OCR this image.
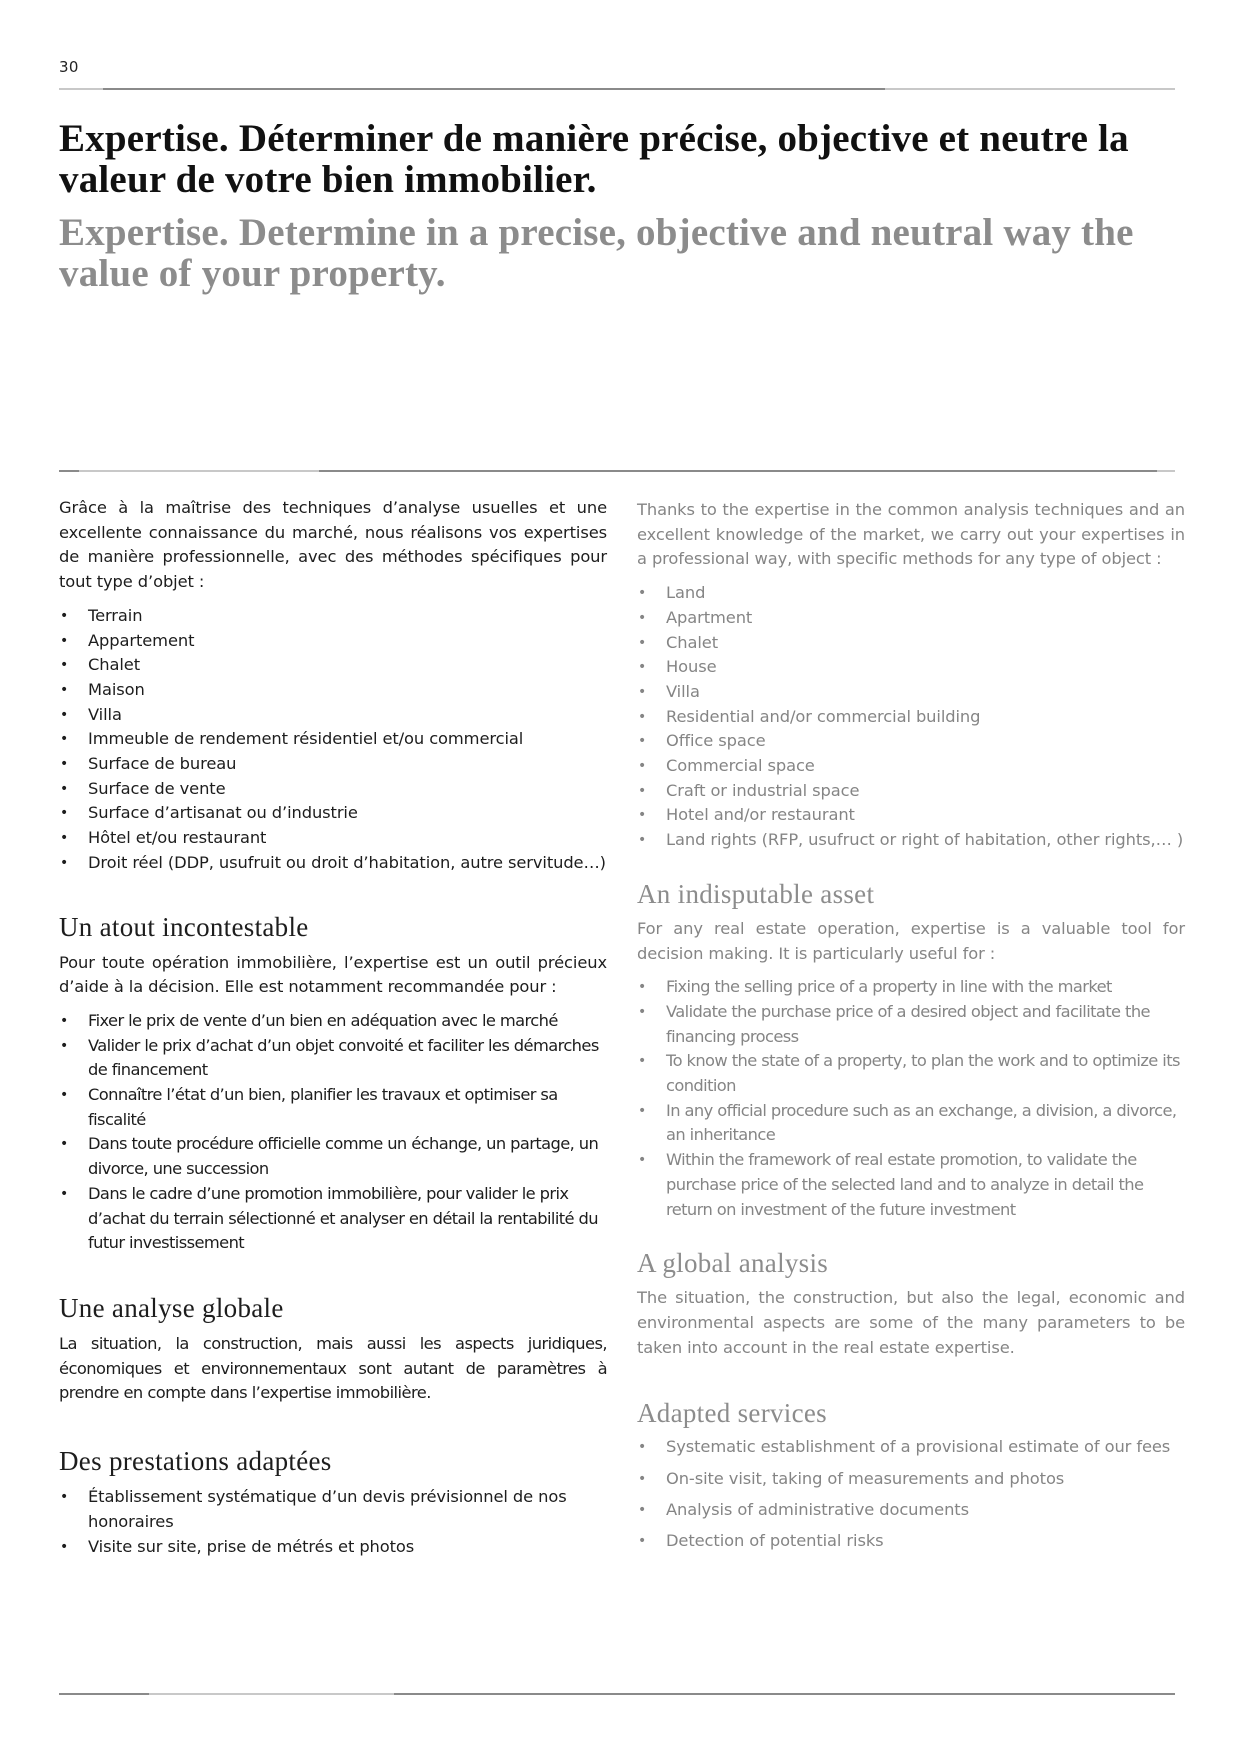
30
Expertise. Déterminer de manière précise, objective et neutre la valeur de votre bien immobilier.
Expertise. Determine in a precise, objective and neutral way the value of your property.

Grâce à la maîtrise des techniques d’analyse usuelles et une excellente connaissance du marché, nous réalisons vos expertises de manière professionnelle, avec des méthodes spécifiques pour tout type d’objet :

• Terrain
• Appartement
• Chalet
• Maison
• Villa
• Immeuble de rendement résidentiel et/ou commercial
• Surface de bureau
• Surface de vente
• Surface d’artisanat ou d’industrie
• Hôtel et/ou restaurant
• Droit réel (DDP, usufruit ou droit d’habitation, autre servitude…)
Un atout incontestable

Pour toute opération immobilière, l’expertise est un outil précieux d’aide à la décision. Elle est notamment recommandée pour :

• Fixer le prix de vente d’un bien en adéquation avec le marché
• Valider le prix d’achat d’un objet convoité et faciliter les démarches de financement
• Connaître l’état d’un bien, planifier les travaux et optimiser sa fiscalité
• Dans toute procédure officielle comme un échange, un partage, un divorce, une succession
• Dans le cadre d’une promotion immobilière, pour valider le prix d’achat du terrain sélectionné et analyser en détail la rentabilité du futur investissement
Une analyse globale

La situation, la construction, mais aussi les aspects juridiques, économiques et environnementaux sont autant de paramètres à prendre en compte dans l’expertise immobilière.

Des prestations adaptées
• Établissement systématique d’un devis prévisionnel de nos honoraires
• Visite sur site, prise de métrés et photos

Thanks to the expertise in the common analysis techniques and an excellent knowledge of the market, we carry out your expertises in a professional way, with specific methods for any type of object :

• Land
• Apartment
• Chalet
• House
• Villa
• Residential and/or commercial building
• Office space
• Commercial space
• Craft or industrial space
• Hotel and/or restaurant
• Land rights (RFP, usufruct or right of habitation, other rights,… )
An indisputable asset

For any real estate operation, expertise is a valuable tool for decision making. It is particularly useful for :

• Fixing the selling price of a property in line with the market
• Validate the purchase price of a desired object and facilitate the financing process
• To know the state of a property, to plan the work and to optimize its condition
• In any official procedure such as an exchange, a division, a divorce, an inheritance
• Within the framework of real estate promotion, to validate the purchase price of the selected land and to analyze in detail the return on investment of the future investment
A global analysis

The situation, the construction, but also the legal, economic and environmental aspects are some of the many parameters to be taken into account in the real estate expertise.

Adapted services
• Systematic establishment of a provisional estimate of our fees
• On-site visit, taking of measurements and photos
• Analysis of administrative documents
• Detection of potential risks
